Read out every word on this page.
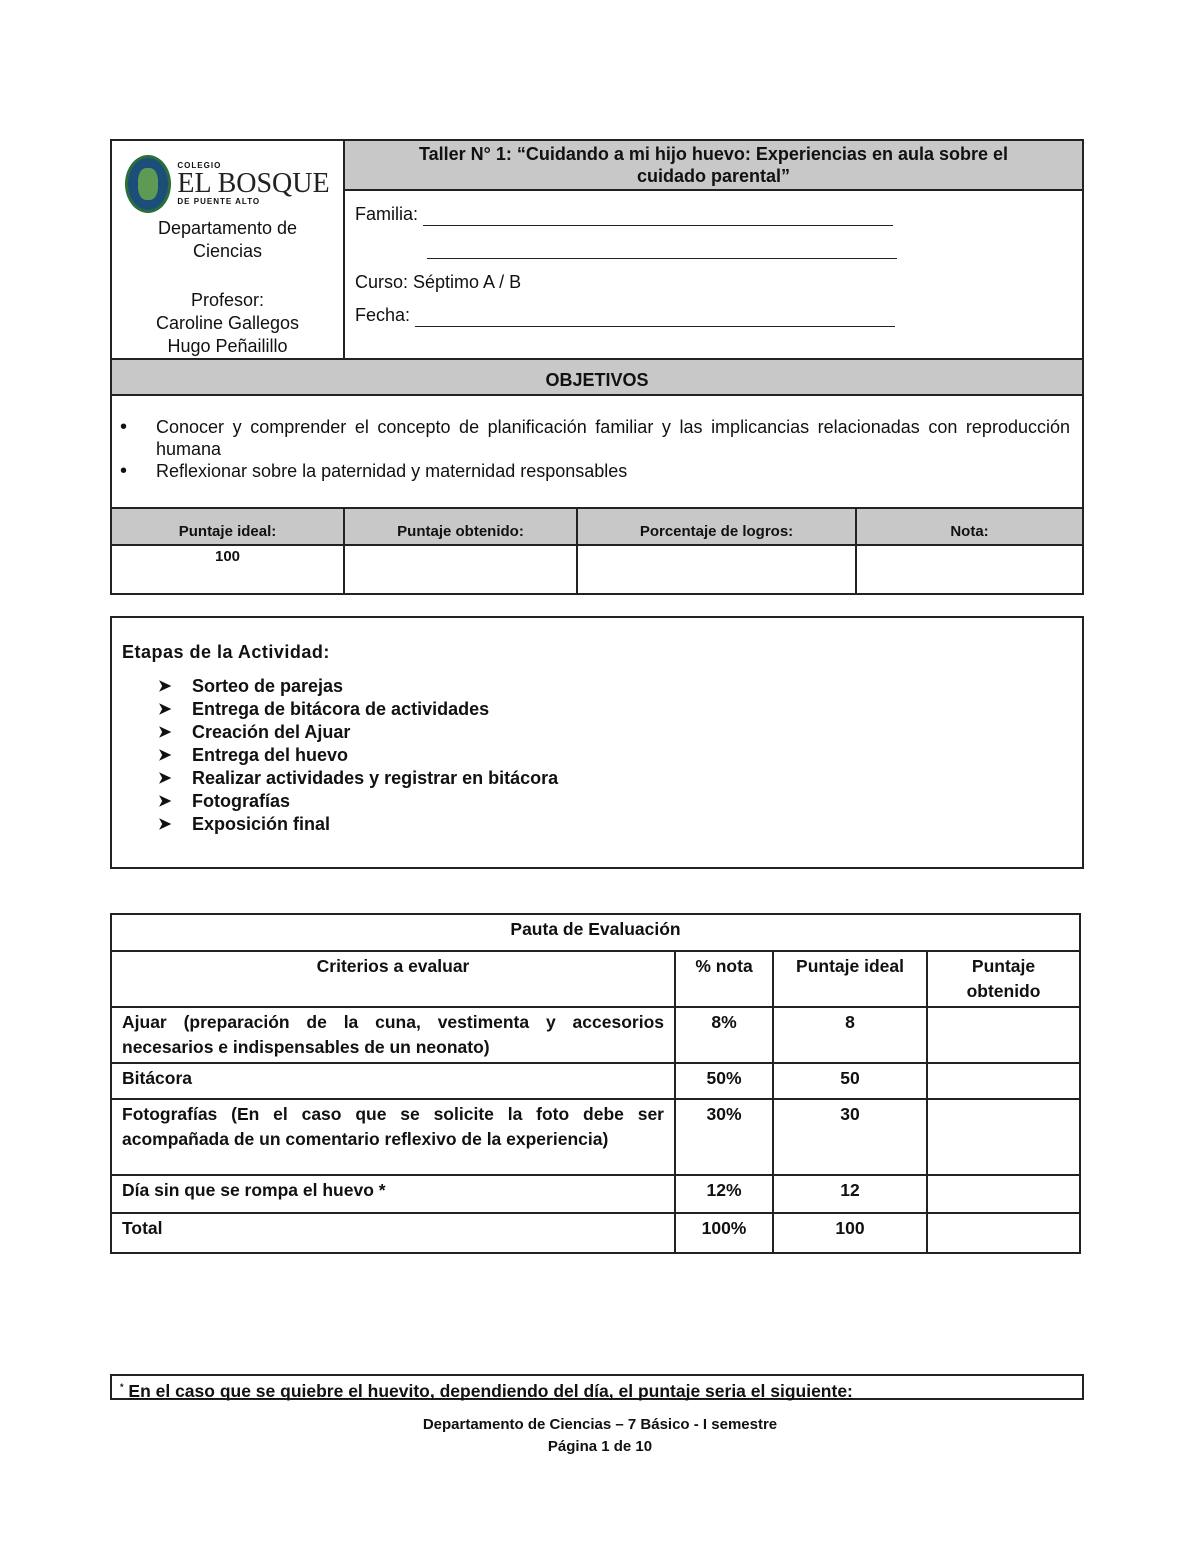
COLEGIO
EL BOSQUE
DE PUENTE ALTO
Departamento de Ciencias
Profesor:
Caroline Gallegos
Hugo Peñailillo
	Taller N° 1: “Cuidando a mi hijo huevo: Experiencias en aula sobre el cuidado parental”

Familia:
Curso: Séptimo A / B
Fecha:

OBJETIVOS

• Conocer y comprender el concepto de planificación familiar y las implicancias relacionadas con reproducción humana
• Reflexionar sobre la paternidad y maternidad responsables
Puntaje ideal:	Puntaje obtenido:	Porcentaje de logros:	Nota:
100			
Etapas de la Actividad:
➤ Sorteo de parejas
➤ Entrega de bitácora de actividades
➤ Creación del Ajuar
➤ Entrega del huevo
➤ Realizar actividades y registrar en bitácora
➤ Fotografías
➤ Exposición final
Pauta de Evaluación			
Criterios a evaluar	% nota	Puntaje ideal	Puntaje obtenido
Ajuar (preparación de la cuna, vestimenta y accesorios necesarios e indispensables de un neonato)	8%	8	
Bitácora	50%	50	
Fotografías (En el caso que se solicite la foto debe ser acompañada de un comentario reflexivo de la experiencia)	30%	30	
Día sin que se rompa el huevo *	12%	12	
Total	100%	100	
* En el caso que se quiebre el huevito, dependiendo del día, el puntaje seria el siguiente:
Departamento de Ciencias – 7 Básico - I semestre
Página 1 de 10
